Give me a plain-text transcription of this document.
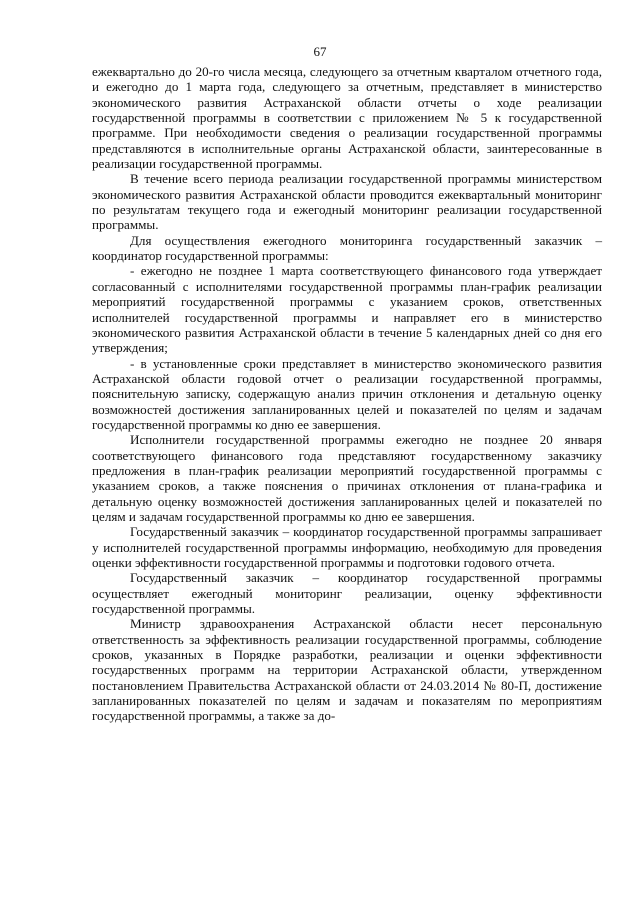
67

ежеквартально до 20-го числа месяца, следующего за отчетным кварталом отчетного года, и ежегодно до 1 марта года, следующего за отчетным, представляет в министерство экономического развития Астраханской области отчеты о ходе реализации государственной программы в соответствии с приложением № 5 к государственной программе. При необходимости сведения о реализации государственной программы представляются в исполнительные органы Астраханской области, заинтересованные в реализации государственной программы.

В течение всего периода реализации государственной программы министерством экономического развития Астраханской области проводится ежеквартальный мониторинг по результатам текущего года и ежегодный мониторинг реализации государственной программы.

Для осуществления ежегодного мониторинга государственный заказчик – координатор государственной программы:

- ежегодно не позднее 1 марта соответствующего финансового года утверждает согласованный с исполнителями государственной программы план-график реализации мероприятий государственной программы с указанием сроков, ответственных исполнителей государственной программы и направляет его в министерство экономического развития Астраханской области в течение 5 календарных дней со дня его утверждения;

- в установленные сроки представляет в министерство экономического развития Астраханской области годовой отчет о реализации государственной программы, пояснительную записку, содержащую анализ причин отклонения и детальную оценку возможностей достижения запланированных целей и показателей по целям и задачам государственной программы ко дню ее завершения.

Исполнители государственной программы ежегодно не позднее 20 января соответствующего финансового года представляют государственному заказчику предложения в план-график реализации мероприятий государственной программы с указанием сроков, а также пояснения о причинах отклонения от плана-графика и детальную оценку возможностей достижения запланированных целей и показателей по целям и задачам государственной программы ко дню ее завершения.

Государственный заказчик – координатор государственной программы запрашивает у исполнителей государственной программы информацию, необходимую для проведения оценки эффективности государственной программы и подготовки годового отчета.

Государственный заказчик – координатор государственной программы осуществляет ежегодный мониторинг реализации, оценку эффективности государственной программы.

Министр здравоохранения Астраханской области несет персональную ответственность за эффективность реализации государственной программы, соблюдение сроков, указанных в Порядке разработки, реализации и оценки эффективности государственных программ на территории Астраханской области, утвержденном постановлением Правительства Астраханской области от 24.03.2014 № 80-П, достижение запланированных показателей по целям и задачам и показателям по мероприятиям государственной программы, а также за до-
